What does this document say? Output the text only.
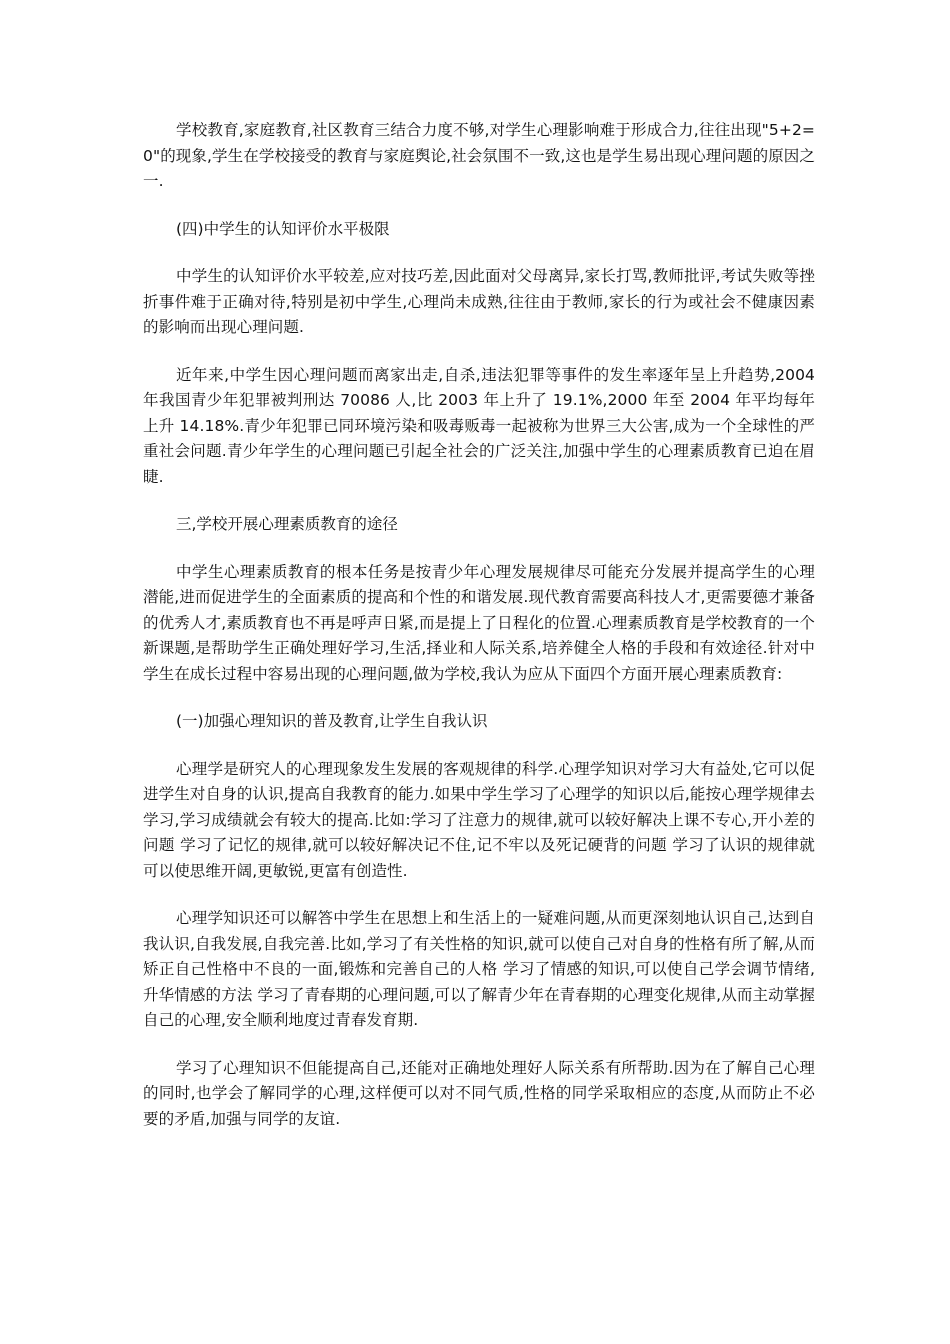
学校教育,家庭教育,社区教育三结合力度不够,对学生心理影响难于形成合力,往往出现"5+2=0"的现象,学生在学校接受的教育与家庭舆论,社会氛围不一致,这也是学生易出现心理问题的原因之一.

(四)中学生的认知评价水平极限

中学生的认知评价水平较差,应对技巧差,因此面对父母离异,家长打骂,教师批评,考试失败等挫折事件难于正确对待,特别是初中学生,心理尚未成熟,往往由于教师,家长的行为或社会不健康因素的影响而出现心理问题.

近年来,中学生因心理问题而离家出走,自杀,违法犯罪等事件的发生率逐年呈上升趋势,2004 年我国青少年犯罪被判刑达 70086 人,比 2003 年上升了 19.1%,2000 年至 2004 年平均每年上升 14.18%.青少年犯罪已同环境污染和吸毒贩毒一起被称为世界三大公害,成为一个全球性的严重社会问题.青少年学生的心理问题已引起全社会的广泛关注,加强中学生的心理素质教育已迫在眉睫.

三,学校开展心理素质教育的途径

中学生心理素质教育的根本任务是按青少年心理发展规律尽可能充分发展并提高学生的心理潜能,进而促进学生的全面素质的提高和个性的和谐发展.现代教育需要高科技人才,更需要德才兼备的优秀人才,素质教育也不再是呼声日紧,而是提上了日程化的位置.心理素质教育是学校教育的一个新课题,是帮助学生正确处理好学习,生活,择业和人际关系,培养健全人格的手段和有效途径.针对中学生在成长过程中容易出现的心理问题,做为学校,我认为应从下面四个方面开展心理素质教育:

(一)加强心理知识的普及教育,让学生自我认识

心理学是研究人的心理现象发生发展的客观规律的科学.心理学知识对学习大有益处,它可以促进学生对自身的认识,提高自我教育的能力.如果中学生学习了心理学的知识以后,能按心理学规律去学习,学习成绩就会有较大的提高.比如:学习了注意力的规律,就可以较好解决上课不专心,开小差的问题 学习了记忆的规律,就可以较好解决记不住,记不牢以及死记硬背的问题 学习了认识的规律就可以使思维开阔,更敏锐,更富有创造性.

心理学知识还可以解答中学生在思想上和生活上的一疑难问题,从而更深刻地认识自己,达到自我认识,自我发展,自我完善.比如,学习了有关性格的知识,就可以使自己对自身的性格有所了解,从而矫正自己性格中不良的一面,锻炼和完善自己的人格 学习了情感的知识,可以使自己学会调节情绪,升华情感的方法 学习了青春期的心理问题,可以了解青少年在青春期的心理变化规律,从而主动掌握自己的心理,安全顺利地度过青春发育期.

学习了心理知识不但能提高自己,还能对正确地处理好人际关系有所帮助.因为在了解自己心理的同时,也学会了解同学的心理,这样便可以对不同气质,性格的同学采取相应的态度,从而防止不必要的矛盾,加强与同学的友谊.
